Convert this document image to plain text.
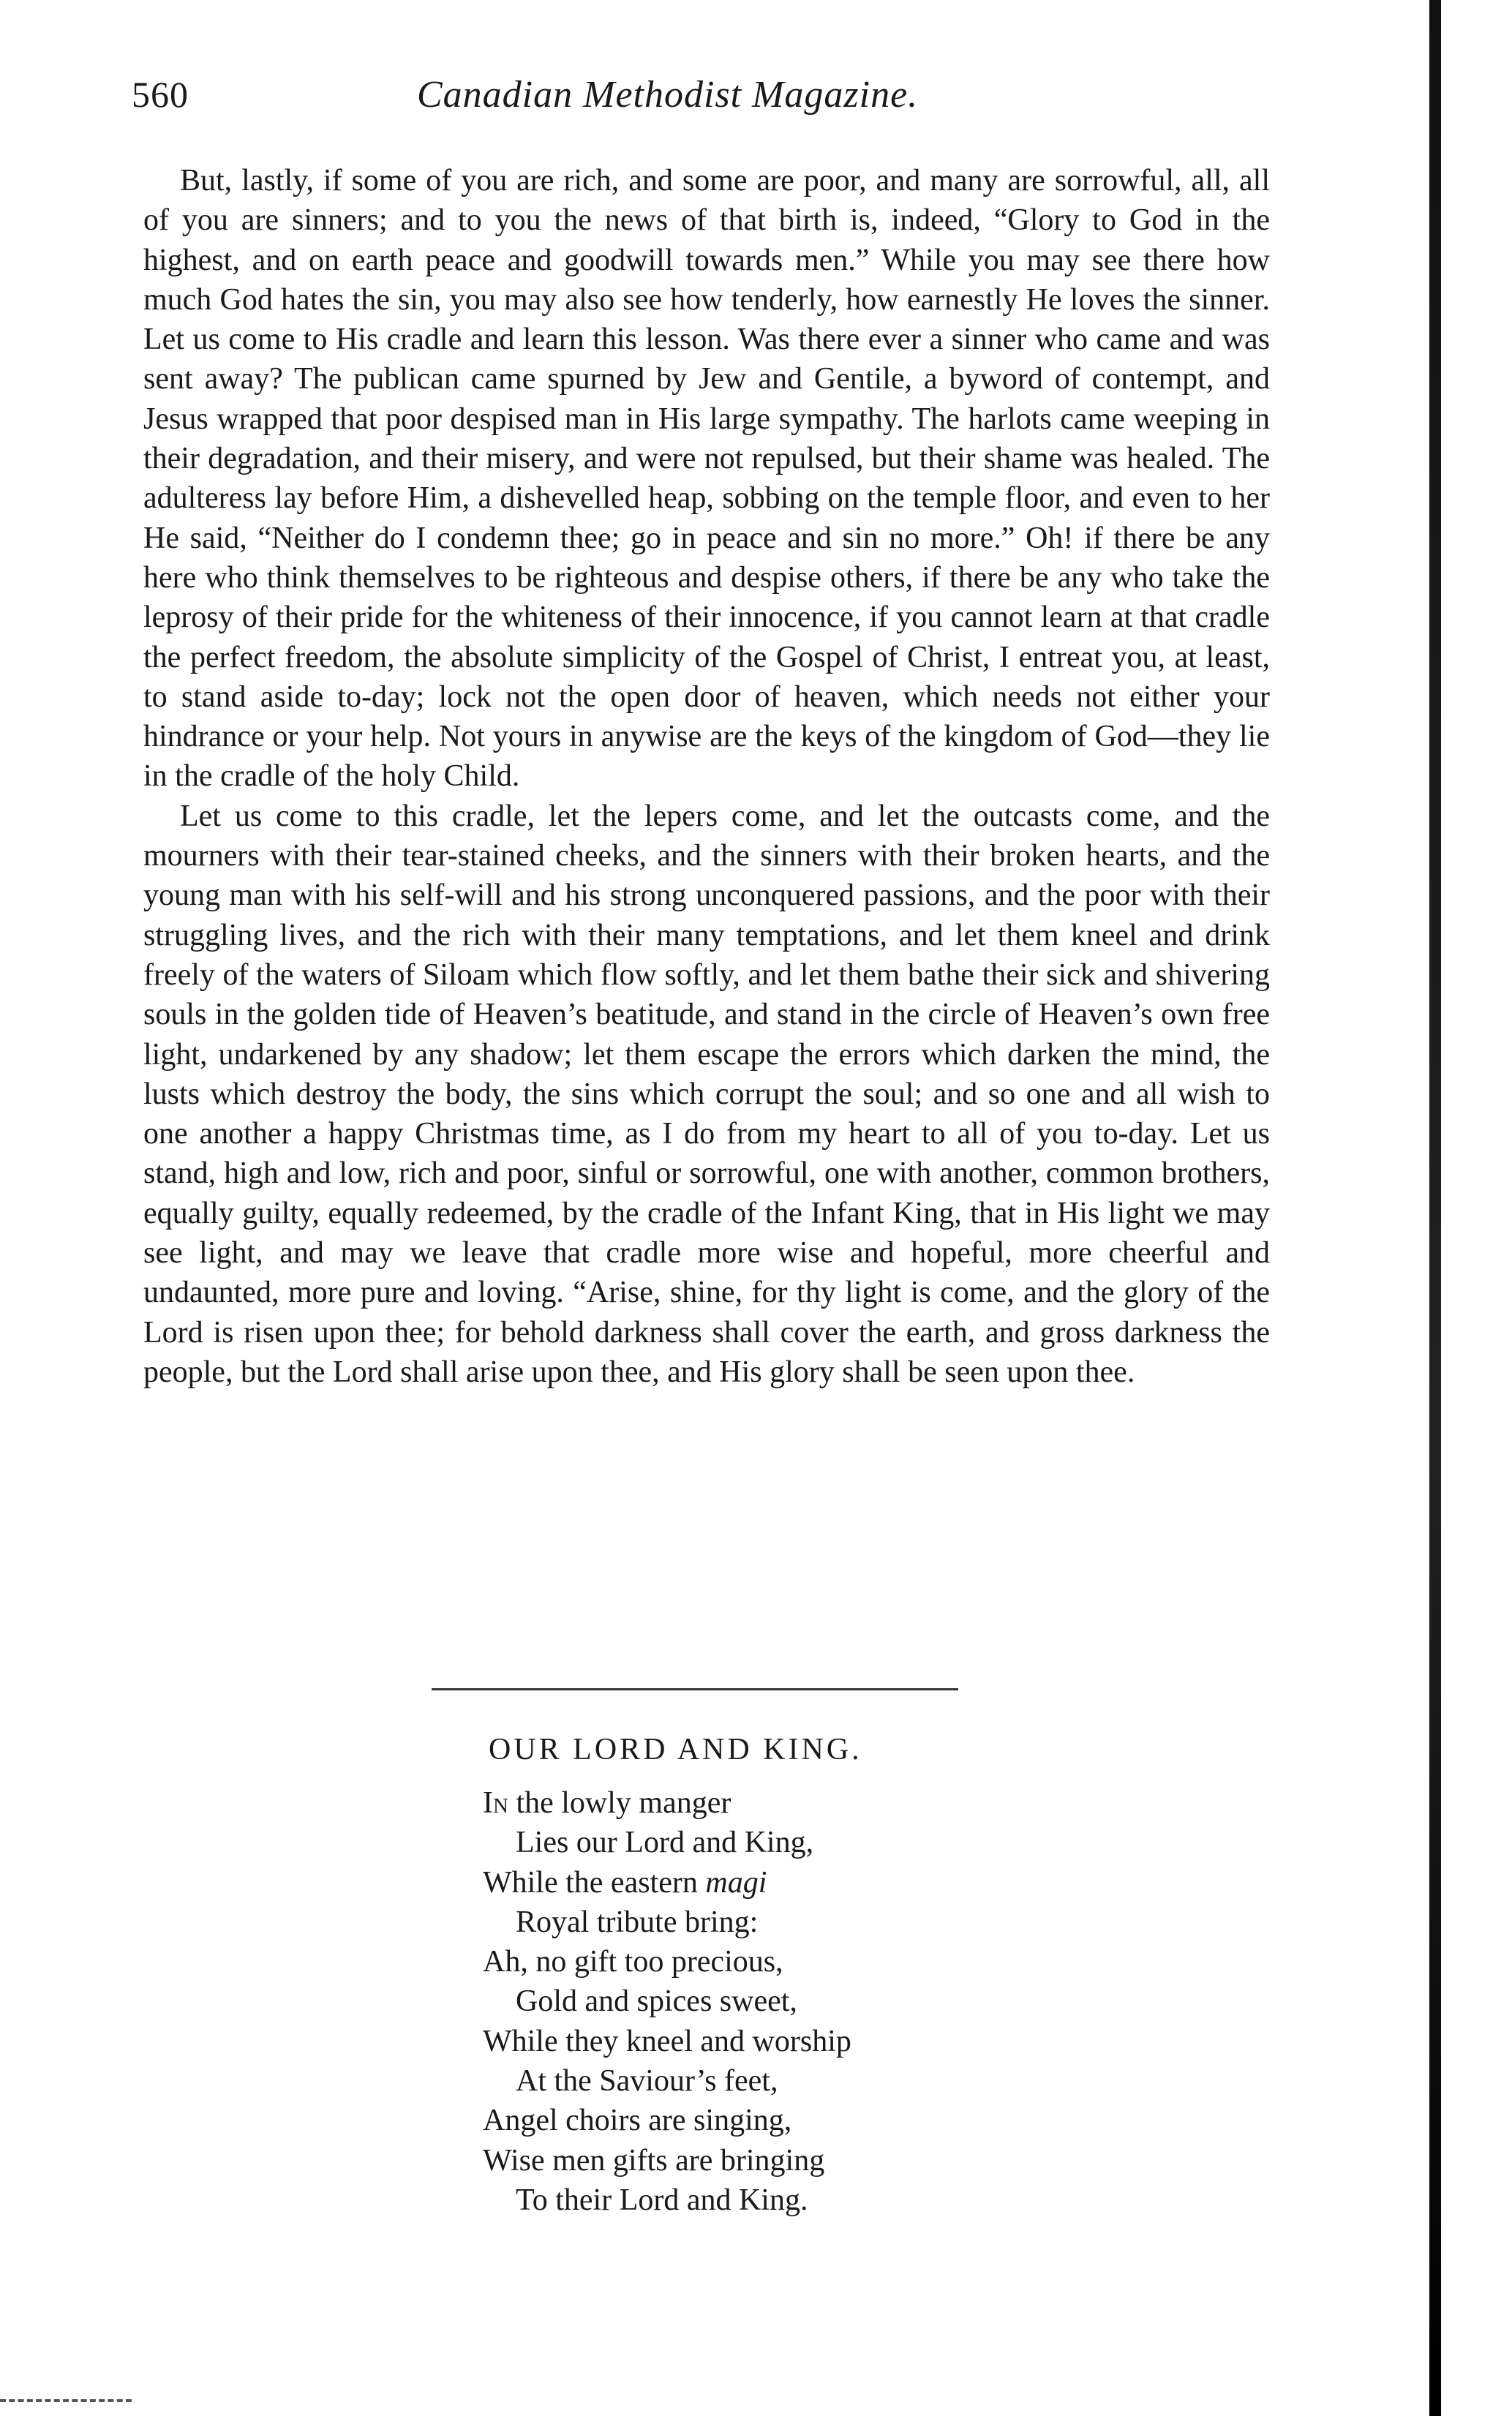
560	Canadian Methodist Magazine.

But, lastly, if some of you are rich, and some are poor, and many are sorrowful, all, all of you are sinners; and to you the news of that birth is, indeed, “Glory to God in the highest, and on earth peace and goodwill towards men.” While you may see there how much God hates the sin, you may also see how tenderly, how earnestly He loves the sinner. Let us come to His cradle and learn this lesson. Was there ever a sinner who came and was sent away? The publican came spurned by Jew and Gentile, a byword of contempt, and Jesus wrapped that poor despised man in His large sympathy. The harlots came weeping in their degradation, and their misery, and were not repulsed, but their shame was healed. The adulteress lay before Him, a dishevelled heap, sobbing on the temple floor, and even to her He said, “Neither do I condemn thee; go in peace and sin no more.” Oh! if there be any here who think themselves to be righteous and despise others, if there be any who take the leprosy of their pride for the whiteness of their innocence, if you cannot learn at that cradle the perfect freedom, the absolute simplicity of the Gospel of Christ, I entreat you, at least, to stand aside to-day; lock not the open door of heaven, which needs not either your hindrance or your help. Not yours in anywise are the keys of the kingdom of God—they lie in the cradle of the holy Child.

Let us come to this cradle, let the lepers come, and let the outcasts come, and the mourners with their tear-stained cheeks, and the sinners with their broken hearts, and the young man with his self-will and his strong unconquered passions, and the poor with their struggling lives, and the rich with their many temptations, and let them kneel and drink freely of the waters of Siloam which flow softly, and let them bathe their sick and shivering souls in the golden tide of Heaven’s beatitude, and stand in the circle of Heaven’s own free light, undarkened by any shadow; let them escape the errors which darken the mind, the lusts which destroy the body, the sins which corrupt the soul; and so one and all wish to one another a happy Christmas time, as I do from my heart to all of you to-day. Let us stand, high and low, rich and poor, sinful or sorrowful, one with another, common brothers, equally guilty, equally redeemed, by the cradle of the Infant King, that in His light we may see light, and may we leave that cradle more wise and hopeful, more cheerful and undaunted, more pure and loving. “Arise, shine, for thy light is come, and the glory of the Lord is risen upon thee; for behold darkness shall cover the earth, and gross darkness the people, but the Lord shall arise upon thee, and His glory shall be seen upon thee.

OUR LORD AND KING.
In the lowly manger
Lies our Lord and King,
While the eastern magi
Royal tribute bring:
Ah, no gift too precious,
Gold and spices sweet,
While they kneel and worship
At the Saviour’s feet,
Angel choirs are singing,
Wise men gifts are bringing
To their Lord and King.
